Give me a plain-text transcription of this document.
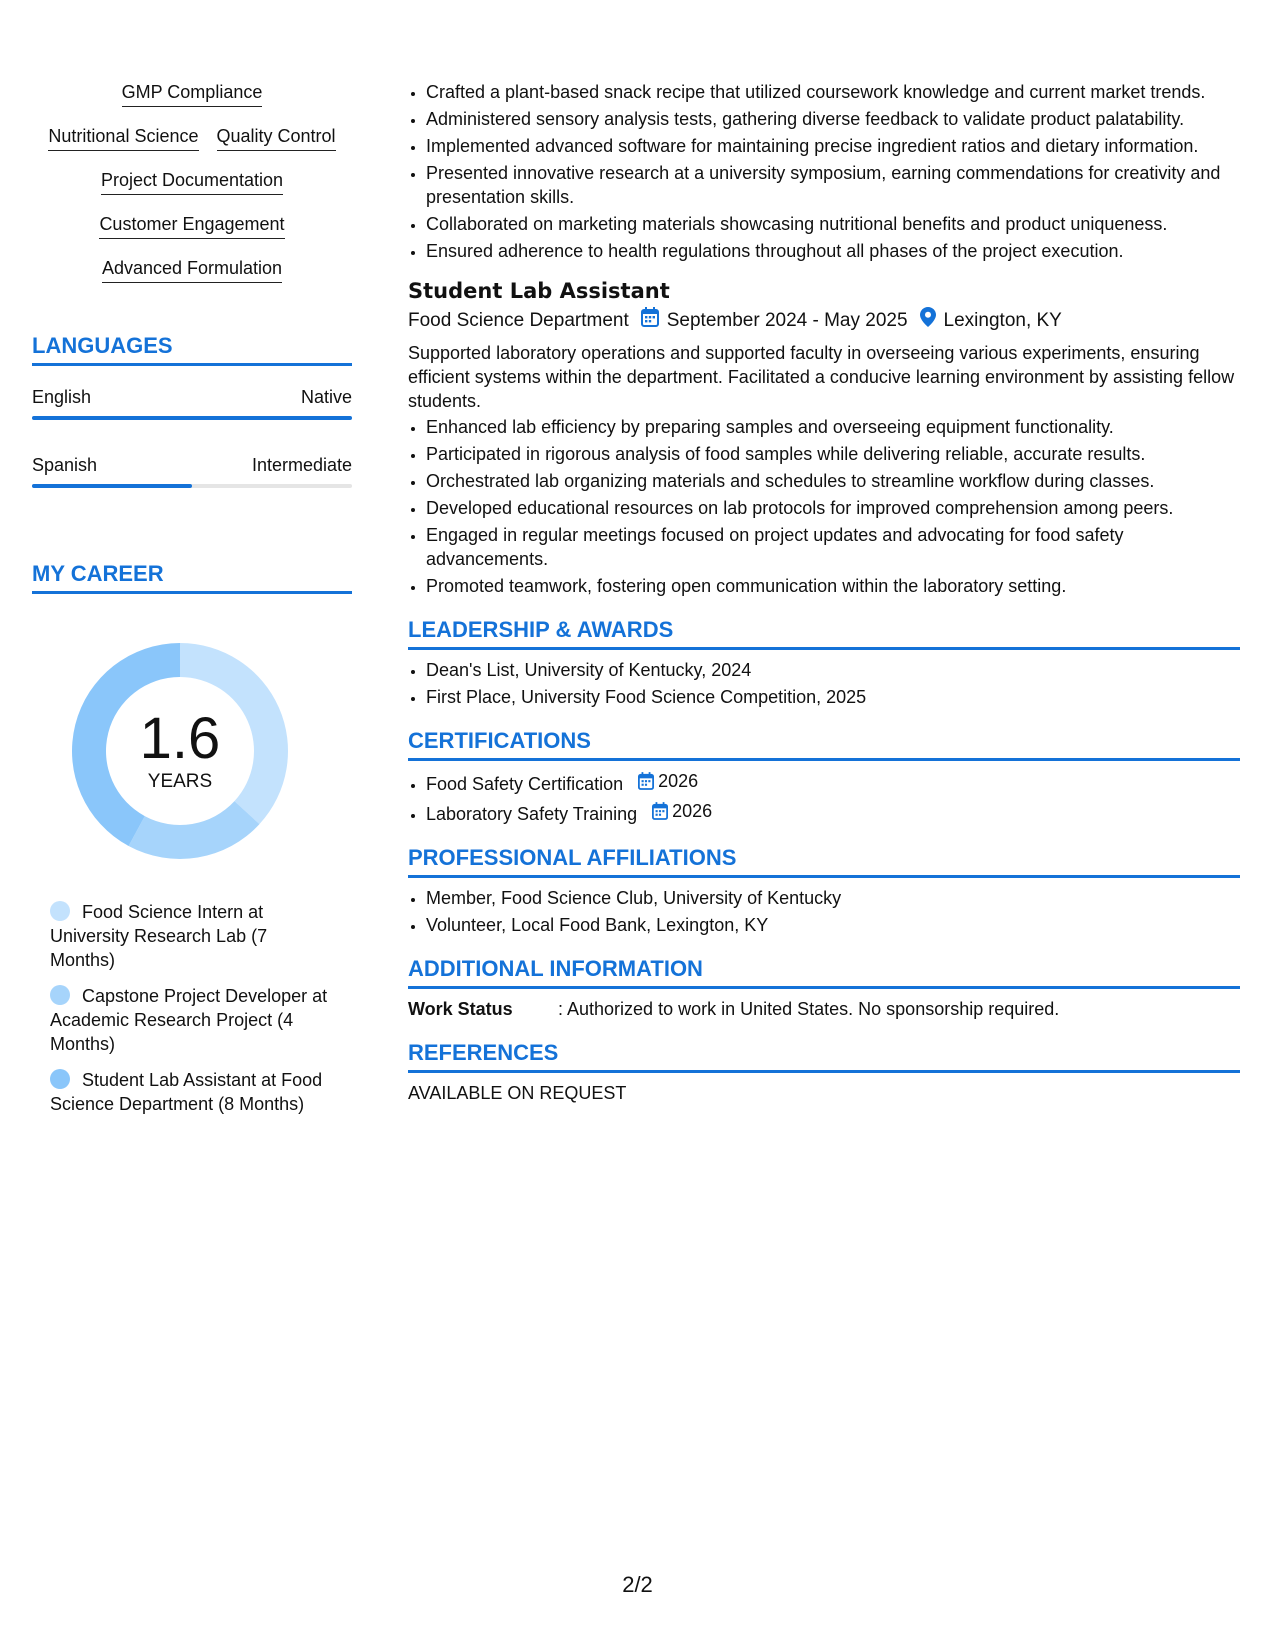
GMP Compliance
Nutritional Science Quality Control
Project Documentation
Customer Engagement
Advanced Formulation
LANGUAGES
English	Native
Spanish	Intermediate
MY CAREER
1.6
YEARS
Food Science Intern at University Research Lab (7 Months)
Capstone Project Developer at Academic Research Project (4 Months)
Student Lab Assistant at Food Science Department (8 Months)
• Crafted a plant-based snack recipe that utilized coursework knowledge and current market trends.
• Administered sensory analysis tests, gathering diverse feedback to validate product palatability.
• Implemented advanced software for maintaining precise ingredient ratios and dietary information.
• Presented innovative research at a university symposium, earning commendations for creativity and presentation skills.
• Collaborated on marketing materials showcasing nutritional benefits and product uniqueness.
• Ensured adherence to health regulations throughout all phases of the project execution.
Student Lab Assistant
Food Science Department September 2024 - May 2025 Lexington, KY
Supported laboratory operations and supported faculty in overseeing various experiments, ensuring efficient systems within the department. Facilitated a conducive learning environment by assisting fellow students.
• Enhanced lab efficiency by preparing samples and overseeing equipment functionality.
• Participated in rigorous analysis of food samples while delivering reliable, accurate results.
• Orchestrated lab organizing materials and schedules to streamline workflow during classes.
• Developed educational resources on lab protocols for improved comprehension among peers.
• Engaged in regular meetings focused on project updates and advocating for food safety advancements.
• Promoted teamwork, fostering open communication within the laboratory setting.
LEADERSHIP & AWARDS
• Dean's List, University of Kentucky, 2024
• First Place, University Food Science Competition, 2025
CERTIFICATIONS
• Food Safety Certification 2026
• Laboratory Safety Training 2026
PROFESSIONAL AFFILIATIONS
• Member, Food Science Club, University of Kentucky
• Volunteer, Local Food Bank, Lexington, KY
ADDITIONAL INFORMATION
Work Status	: Authorized to work in United States. No sponsorship required.
REFERENCES
AVAILABLE ON REQUEST
2/2
